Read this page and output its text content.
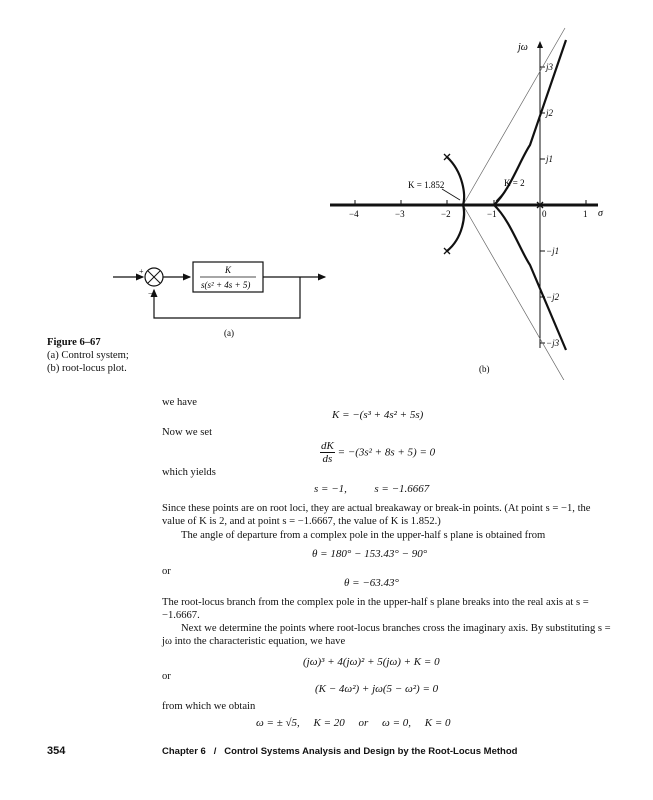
jω
σ
−4	−3	−2	−1	0	1
j3
j2
j1
−j1
−j2
−j3
K = 1.852	K = 2
(b)
K
s(s² + 4s + 5)
+
−
(a)
Figure 6–67
(a) Control system;
(b) root-locus plot.
we have
K = −(s³ + 4s² + 5s)
Now we set
$\frac{dK}{ds} = -(3s^2 + 8s + 5) = 0$
which yields
s = −1,          s = −1.6667
Since these points are on root loci, they are actual breakaway or break-in points. (At point s = −1, the value of K is 2, and at point s = −1.6667, the value of K is 1.852.)
The angle of departure from a complex pole in the upper-half s plane is obtained from
θ = 180° − 153.43° − 90°
or
θ = −63.43°
The root-locus branch from the complex pole in the upper-half s plane breaks into the real axis at s = −1.6667.
Next we determine the points where root-locus branches cross the imaginary axis. By substituting s = jω into the characteristic equation, we have
(jω)³ + 4(jω)² + 5(jω) + K = 0
or
(K − 4ω²) + jω(5 − ω²) = 0
from which we obtain
ω = ± √5,     K = 20     or     ω = 0,     K = 0
354	Chapter 6   /   Control Systems Analysis and Design by the Root-Locus Method
